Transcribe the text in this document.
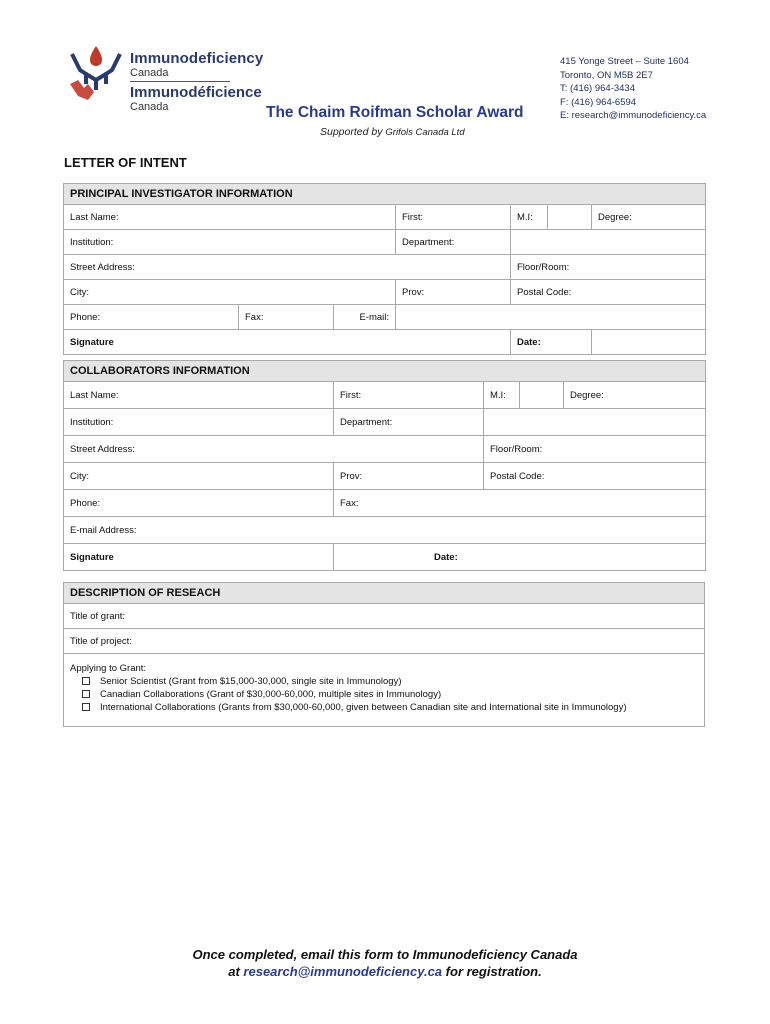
Immunodeficiency
Canada
Immunodéficience
Canada
415 Yonge Street – Suite 1604
Toronto, ON M5B 2E7
T: (416) 964-3434
F: (416) 964-6594
E: research@immunodeficiency.ca
The Chaim Roifman Scholar Award
Supported by Grifols Canada Ltd
LETTER OF INTENT
PRINCIPAL INVESTIGATOR INFORMATION						
Last Name:			First:	M.I:		Degree:
Institution:			Department:			
Street Address:				Floor/Room:		
City:			Prov:	Postal Code:		
Phone:	Fax:	E-mail:				
Signature				Date:		
COLLABORATORS INFORMATION				
Last Name:	First:	M.I:		Degree:
Institution:	Department:			
Street Address:		Floor/Room:		
City:	Prov:	Postal Code:		
Phone:	Fax:			
E-mail Address:				
Signature	Date:			
DESCRIPTION OF RESEACH
Title of grant:
Title of project:

Applying to Grant:
Senior Scientist (Grant from $15,000-30,000, single site in Immunology)
Canadian Collaborations (Grant of $30,000-60,000, multiple sites in Immunology)
International Collaborations (Grants from $30,000-60,000, given between Canadian site and International site in Immunology)
Once completed, email this form to Immunodeficiency Canada
at research@immunodeficiency.ca for registration.
